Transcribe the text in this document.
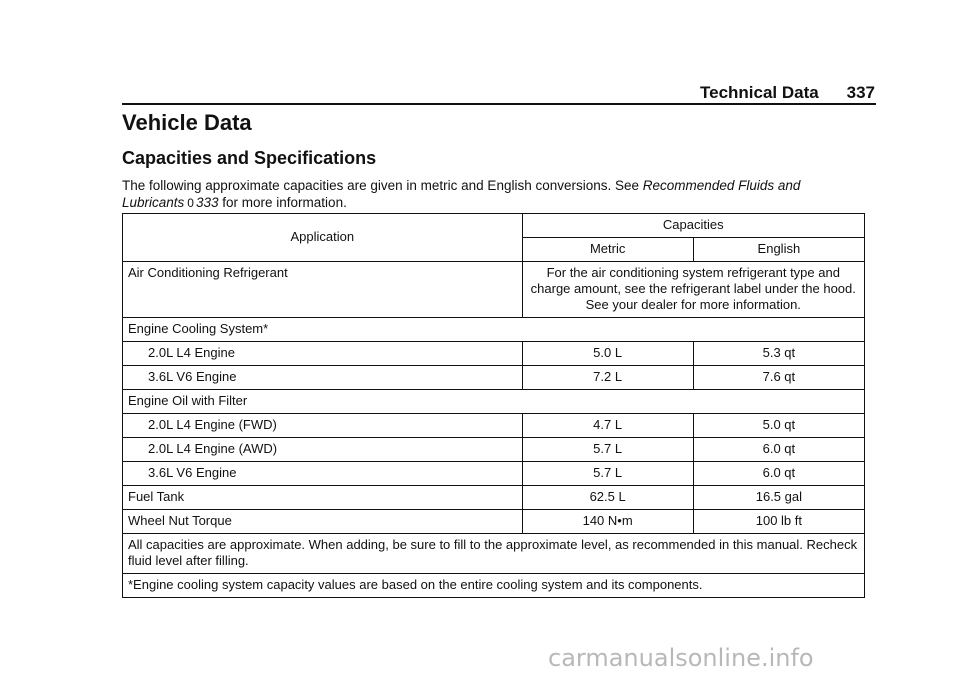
Technical Data 337
Vehicle Data
Capacities and Specifications

The following approximate capacities are given in metric and English conversions. See Recommended Fluids and Lubricants 0 333 for more information.

Application	Capacities	
	Metric	English
Air Conditioning Refrigerant	For the air conditioning system refrigerant type and charge amount, see the refrigerant label under the hood. See your dealer for more information.	
Engine Cooling System*		
2.0L L4 Engine	5.0 L	5.3 qt
3.6L V6 Engine	7.2 L	7.6 qt
Engine Oil with Filter		
2.0L L4 Engine (FWD)	4.7 L	5.0 qt
2.0L L4 Engine (AWD)	5.7 L	6.0 qt
3.6L V6 Engine	5.7 L	6.0 qt
Fuel Tank	62.5 L	16.5 gal
Wheel Nut Torque	140 N•m	100 lb ft
All capacities are approximate. When adding, be sure to fill to the approximate level, as recommended in this manual. Recheck fluid level after filling.		
*Engine cooling system capacity values are based on the entire cooling system and its components.		
carmanualsonline.info
